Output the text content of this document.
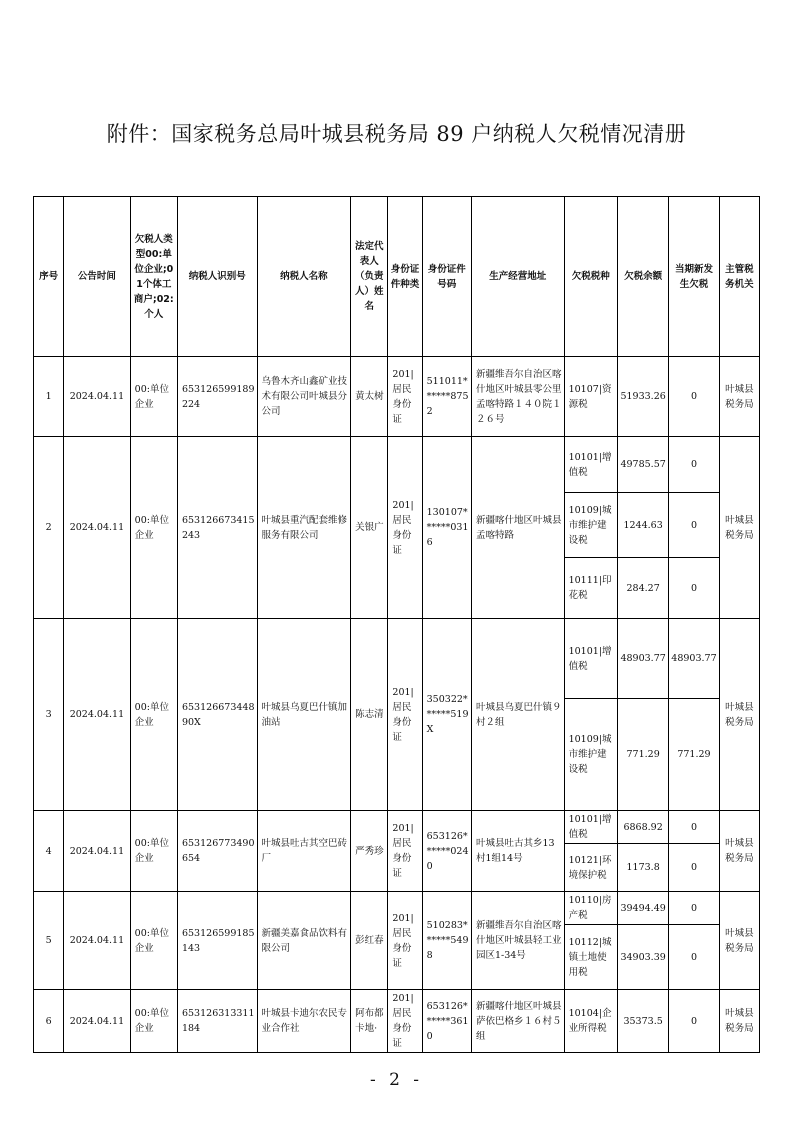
附件：国家税务总局叶城县税务局 89 户纳税人欠税情况清册
序号	公告时间	欠税人类型00:单位企业;01个体工商户;02:个人	纳税人识别号	纳税人名称	法定代表人（负责人）姓名	身份证件种类	身份证件号码	生产经营地址	欠税税种	欠税余额	当期新发生欠税	主管税务机关
1	2024.04.11	00:单位企业	653126599189224	乌鲁木齐山鑫矿业技术有限公司叶城县分公司	黄太树	201|居民身份证	511011******8752	新疆维吾尔自治区喀什地区叶城县零公里孟喀特路１４０院１２６号	10107|资源税	51933.26	0	叶城县税务局
2	2024.04.11	00:单位企业	653126673415243	叶城县重汽配套维修服务有限公司	关银广	201|居民身份证	130107******0316	新疆喀什地区叶城县孟喀特路	10101|增值税	49785.57	0	叶城县税务局
									10109|城市维护建设税	1244.63	0	
									10111|印花税	284.27	0	
3	2024.04.11	00:单位企业	65312667344890X	叶城县乌夏巴什镇加油站	陈志清	201|居民身份证	350322******519X	叶城县乌夏巴什镇９村２组	10101|增值税	48903.77	48903.77	叶城县税务局
									10109|城市维护建设税	771.29	771.29	
4	2024.04.11	00:单位企业	653126773490654	叶城县吐古其空巴砖厂	严秀珍	201|居民身份证	653126******0240	叶城县吐古其乡13村1组14号	10101|增值税	6868.92	0	叶城县税务局
									10121|环境保护税	1173.8	0	
5	2024.04.11	00:单位企业	653126599185143	新疆美嘉食品饮料有限公司	彭红春	201|居民身份证	510283******5498	新疆维吾尔自治区喀什地区叶城县轻工业园区1-34号	10110|房产税	39494.49	0	叶城县税务局
									10112|城镇土地使用税	34903.39	0	
6	2024.04.11	00:单位企业	653126313311184	叶城县卡迪尔农民专业合作社	阿布都卡地·	201|居民身份证	653126******3610	新疆喀什地区叶城县萨依巴格乡１６村５组	10104|企业所得税	35373.5	0	叶城县税务局
- 2 -
